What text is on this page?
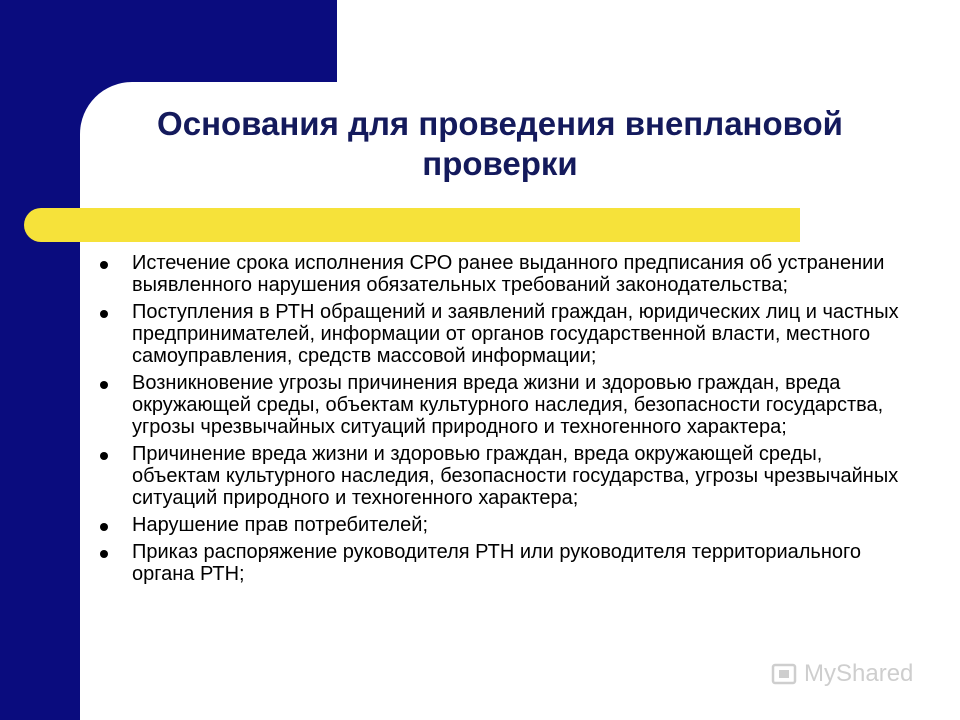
Основания для проведения внеплановой
проверки
Истечение срока исполнения СРО ранее выданного предписания об устранении выявленного нарушения обязательных требований законодательства;
Поступления в РТН обращений и заявлений граждан, юридических лиц и частных предпринимателей, информации от органов государственной власти, местного самоуправления, средств массовой информации;
Возникновение угрозы причинения вреда жизни и здоровью граждан, вреда окружающей среды, объектам культурного наследия, безопасности государства, угрозы чрезвычайных ситуаций природного и техногенного характера;
Причинение вреда жизни и здоровью граждан, вреда окружающей среды, объектам культурного наследия, безопасности государства, угрозы чрезвычайных ситуаций природного и техногенного характера;
Нарушение прав потребителей;
Приказ распоряжение руководителя РТН или руководителя территориального органа РТН;
MyShared
